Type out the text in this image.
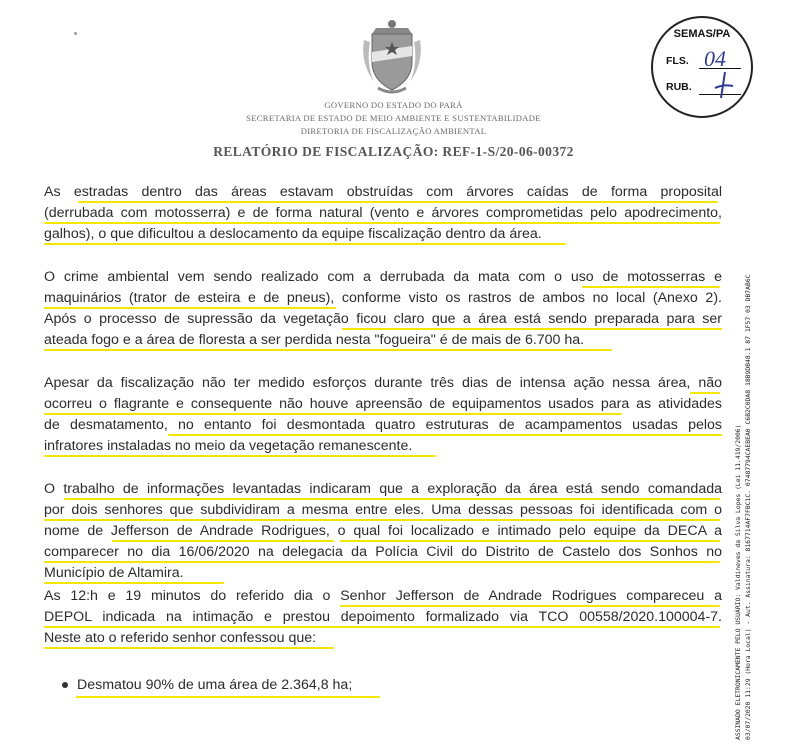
GOVERNO DO ESTADO DO PARÁ
SECRETARIA DE ESTADO DE MEIO AMBIENTE E SUSTENTABILIDADE
DIRETORIA DE FISCALIZAÇÃO AMBIENTAL
RELATÓRIO DE FISCALIZAÇÃO: REF-1-S/20-06-00372
SEMAS/PA
FLS. 04
RUB.
ASSINADO ELETRONICAMENTE PELO USUÁRIO: Valdineves da Silva Lopes (Lei 11.419/2006) 03/07/2020 11:29 (Hora Local) - Aut. Assinatura: 8167714AF7FBC1C. 07487794CAEBEA0 C6B2C0DA8 18B9DB48.1 87 1F57 03 DB7AB6C
As estradas dentro das áreas estavam obstruídas com árvores caídas de forma proposital
(derrubada com motosserra) e de forma natural (vento e árvores comprometidas pelo apodrecimento,
galhos), o que dificultou a deslocamento da equipe fiscalização dentro da área.
O crime ambiental vem sendo realizado com a derrubada da mata com o uso de motosserras e
maquinários (trator de esteira e de pneus), conforme visto os rastros de ambos no local (Anexo 2).
Após o processo de supressão da vegetação ficou claro que a área está sendo preparada para ser
ateada fogo e a área de floresta a ser perdida nesta "fogueira" é de mais de 6.700 ha.
Apesar da fiscalização não ter medido esforços durante três dias de intensa ação nessa área, não
ocorreu o flagrante e consequente não houve apreensão de equipamentos usados para as atividades
de desmatamento, no entanto foi desmontada quatro estruturas de acampamentos usadas pelos
infratores instaladas no meio da vegetação remanescente.
O trabalho de informações levantadas indicaram que a exploração da área está sendo comandada
por dois senhores que subdividiram a mesma entre eles. Uma dessas pessoas foi identificada com o
nome de Jefferson de Andrade Rodrigues, o qual foi localizado e intimado pelo equipe da DECA a
comparecer no dia 16/06/2020 na delegacia da Polícia Civil do Distrito de Castelo dos Sonhos no
Município de Altamira.
As 12:h e 19 minutos do referido dia o Senhor Jefferson de Andrade Rodrigues compareceu a
DEPOL indicada na intimação e prestou depoimento formalizado via TCO 00558/2020.100004-7.
Neste ato o referido senhor confessou que:
Desmatou 90% de uma área de 2.364,8 ha;
